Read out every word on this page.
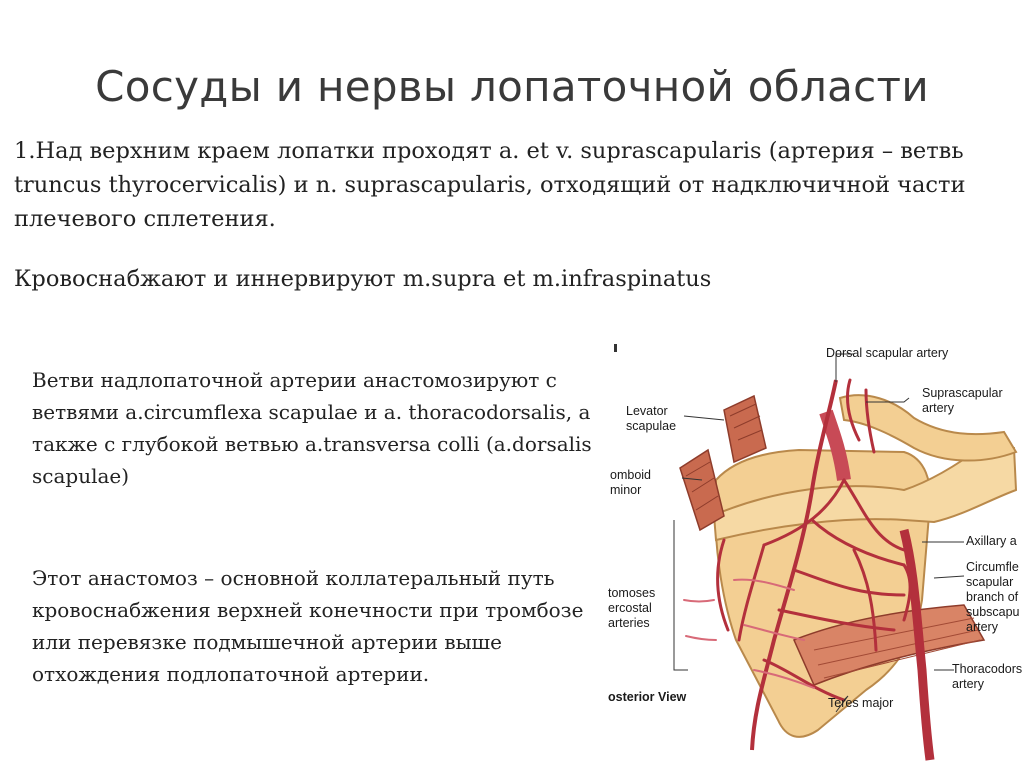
Сосуды и нервы лопаточной области
1.Над верхним краем лопатки проходят a. et v. suprascapularis (артерия – ветвь truncus thyrocervicalis) и n. suprascapularis, отходящий от надключичной части плечевого сплетения.
Кровоснабжают и иннервируют m.supra et m.infraspinatus
Ветви надлопаточной артерии анастомозируют с ветвями a.circumflexa scapulae и a. thoracodorsalis, а также с глубокой ветвью a.transversa colli (a.dorsalis scapulae)
Этот анастомоз – основной коллатеральный путь кровоснабжения верхней конечности при тромбозе или перевязке подмышечной артерии выше отхождения подлопаточной артерии.
Dorsal scapular artery
Suprascapular
artery
Levator
scapulae
omboid
minor
Axillary a
Circumfle
scapular
branch of
subscapu
artery
tomoses
ercostal
arteries
Thoracodors
artery
Teres major
osterior View
